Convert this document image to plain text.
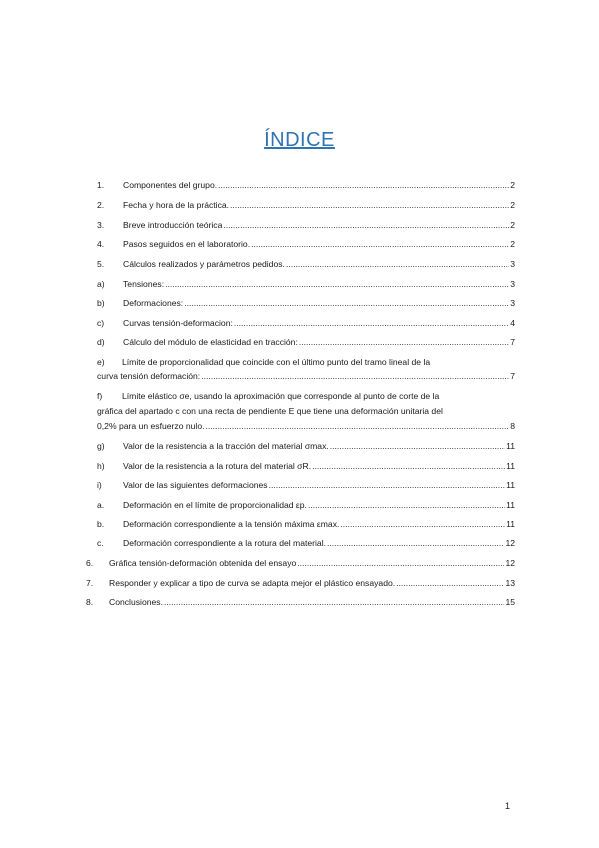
ÍNDICE
1. Componentes del grupo. .....	2
2. Fecha y hora de la práctica. .....	2
3. Breve introducción teórica .....	2
4. Pasos seguidos en el laboratorio. .....	2
5. Cálculos realizados y parámetros pedidos. .....	3
a) Tensiones: .....	3
b) Deformaciones: .....	3
c) Curvas tensión-deformacion: .....	4
d) Cálculo del módulo de elasticidad en tracción: .....	7
e) Límite de proporcionalidad que coincide con el último punto del tramo lineal de la
curva tensión deformación: .....	7
f) Límite elástico σe, usando la aproximación que corresponde al punto de corte de la
gráfica del apartado c con una recta de pendiente E que tiene una deformación unitaria del
0,2% para un esfuerzo nulo. .....	8
g) Valor de la resistencia a la tracción del material σmax. .....	11
h) Valor de la resistencia a la rotura del material σR. .....	11
i) Valor de las siguientes deformaciones .....	11
a. Deformación en el límite de proporcionalidad εp. .....	11
b. Deformación correspondiente a la tensión máxima εmax. .....	11
c. Deformación correspondiente a la rotura del material. .....	12
6. Gráfica tensión-deformación obtenida del ensayo .....	12
7. Responder y explicar a tipo de curva se adapta mejor el plástico ensayado. .....	13
8. Conclusiones. .....	15
1
